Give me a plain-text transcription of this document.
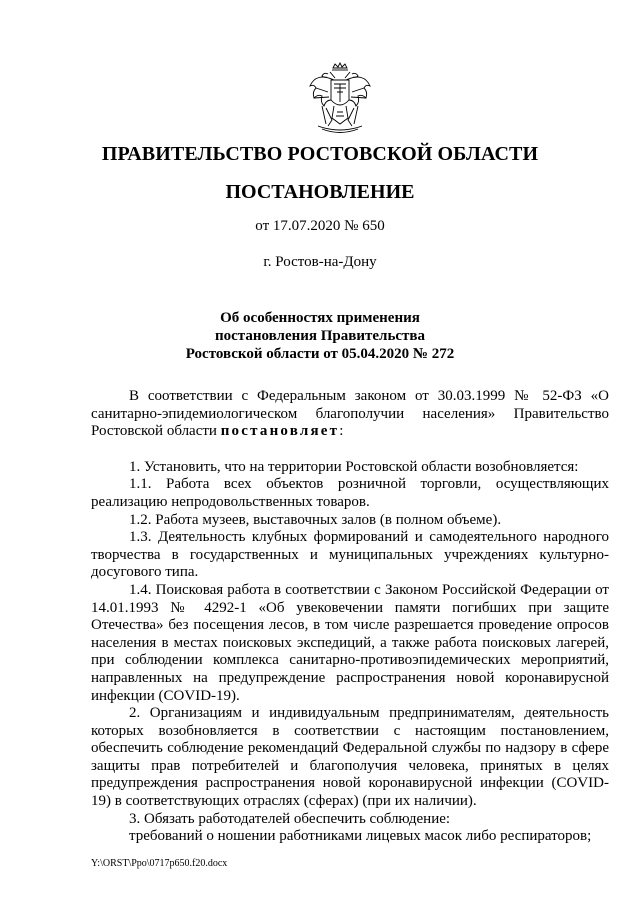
ПРАВИТЕЛЬСТВО РОСТОВСКОЙ ОБЛАСТИ
ПОСТАНОВЛЕНИЕ
от 17.07.2020 № 650
г. Ростов-на-Дону
Об особенностях применения
постановления Правительства
Ростовской области от 05.04.2020 № 272

В соответствии с Федеральным законом от 30.03.1999 № 52-ФЗ «О санитарно-эпидемиологическом благополучии населения» Правительство Ростовской области постановляет:

1. Установить, что на территории Ростовской области возобновляется:

1.1. Работа всех объектов розничной торговли, осуществляющих реализацию непродовольственных товаров.

1.2. Работа музеев, выставочных залов (в полном объеме).

1.3. Деятельность клубных формирований и самодеятельного народного творчества в государственных и муниципальных учреждениях культурно-досугового типа.

1.4. Поисковая работа в соответствии с Законом Российской Федерации от 14.01.1993 № 4292-1 «Об увековечении памяти погибших при защите Отечества» без посещения лесов, в том числе разрешается проведение опросов населения в местах поисковых экспедиций, а также работа поисковых лагерей, при соблюдении комплекса санитарно-противоэпидемических мероприятий, направленных на предупреждение распространения новой коронавирусной инфекции (COVID-19).

2. Организациям и индивидуальным предпринимателям, деятельность которых возобновляется в соответствии с настоящим постановлением, обеспечить соблюдение рекомендаций Федеральной службы по надзору в сфере защиты прав потребителей и благополучия человека, принятых в целях предупреждения распространения новой коронавирусной инфекции (COVID-19) в соответствующих отраслях (сферах) (при их наличии).

3. Обязать работодателей обеспечить соблюдение:

требований о ношении работниками лицевых масок либо респираторов;

Y:\ORST\Ppo\0717p650.f20.docx
